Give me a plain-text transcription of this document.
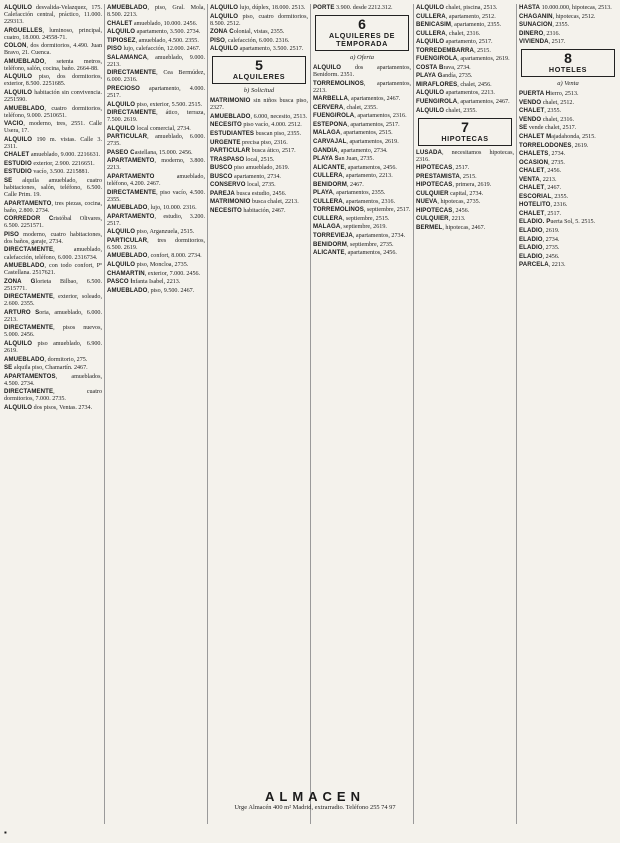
ALQUILO desvalida-Velazquez, 175. Calefacción central, práctico, 11.000. 229313.

ARGUELLES, luminoso, principal, cuatro, 18.000. 24558-71.

COLON, dos dormitorios, 4.490. Juan Bravo, 21. Cuenca.

AMUEBLADO, setenta metros, teléfono, salón, cocina, baño. 2664-88.

ALQUILO piso, dos dormitorios, exterior, 8.500. 2251685.

ALQUILO habitación sin convivencia. 2251590.

AMUEBLADO, cuatro dormitorios, teléfono, 9.000. 2510651.

VACIO, moderno, tres, 2551. Calle Usera, 17.

ALQUILO 190 m. vistas. Calle 3. 2311.

CHALET amueblado, 9.000. 2216631.

ESTUDIO exterior, 2.900. 2216651.

ESTUDIO vacío, 3.500. 2215881.

SE alquila amueblado, cuatro habitaciones, salón, teléfono, 6.500. Calle Prim. 19.

APARTAMENTO, tres piezas, cocina, baño, 2.800. 2734.

CORREDOR Cristóbal Olivares, 6.500. 2251571.

PISO moderno, cuatro habitaciones, dos baños, garaje, 2734.

DIRECTAMENTE, amueblado, calefacción, teléfono, 6.000. 2316734.

AMUEBLADO, con todo confort, Pº Castellana. 2517621.

ZONA Glorieta Bilbao, 6.500. 2515771.

DIRECTAMENTE, exterior, soleado, 2.600. 2355.

ARTURO Soria, amueblado, 6.000. 2213.

DIRECTAMENTE, pisos nuevos, 5.000. 2456.

ALQUILO piso amueblado, 6.900. 2619.

AMUEBLADO, dormitorio, 275.

SE alquila piso, Chamartín. 2467.

APARTAMENTOS, amueblados, 4.500. 2734.

DIRECTAMENTE, cuatro dormitorios, 7.000. 2735.

ALQUILO dos pisos, Ventas. 2734.

AMUEBLADO, piso, Gral. Mola, 8.500. 2213.

CHALET amueblado, 10.000. 2456.

ALQUILO apartamento, 3.500. 2734.

TIPIOSEZ, amueblado, 4.500. 2355.

PISO lujo, calefacción, 12.000. 2467.

SALAMANCA, amueblado, 9.000. 2213.

DIRECTAMENTE, Cea Bermúdez, 6.000. 2316.

PRECIOSO apartamento, 4.000. 2517.

ALQUILO piso, exterior, 5.500. 2515.

DIRECTAMENTE, ático, terraza, 7.500. 2619.

ALQUILO local comercial, 2734.

PARTICULAR, amueblado, 6.000. 2735.

PASEO Castellana, 15.000. 2456.

APARTAMENTO, moderno, 3.800. 2213.

APARTAMENTO amueblado, teléfono, 4.200. 2467.

DIRECTAMENTE, piso vacío, 4.500. 2355.

AMUEBLADO, lujo, 10.000. 2316.

APARTAMENTO, estudio, 3.200. 2517.

ALQUILO piso, Arganzuela, 2515.

PARTICULAR, tres dormitorios, 6.500. 2619.

AMUEBLADO, confort, 8.000. 2734.

ALQUILO piso, Moncloa, 2735.

CHAMARTIN, exterior, 7.000. 2456.

PASCO Infanta Isabel, 2213.

AMUEBLADO, piso, 9.500. 2467.

ALQUILO lujo, dúplex, 18.000. 2513.

ALQUILO piso, cuatro dormitorios, 8.500. 2512.

ZONA Colonial, vistas, 2355.

PISO, calefacción, 6.000. 2316.

ALQUILO apartamento, 3.500. 2517.

5
ALQUILERES
b) Solicitud

MATRIMONIO sin niños busca piso, 2327.

AMUEBLADO, 6.000, necesito, 2513.

NECESITO piso vacío, 4.000. 2512.

ESTUDIANTES buscan piso, 2355.

URGENTE precisa piso, 2316.

PARTICULAR busca ático, 2517.

TRASPASO local, 2515.

BUSCO piso amueblado, 2619.

BUSCO apartamento, 2734.

CONSERVO local, 2735.

PAREJA busca estudio, 2456.

MATRIMONIO busca chalet, 2213.

NECESITO habitación, 2467.

PORTE 3.900. desde 2212.312.

6
ALQUILERES DE TEMPORADA
a) Oferta

ALQUILO dos apartamentos, Benidorm. 2351.

TORREMOLINOS, apartamentos, 2213.

MARBELLA, apartamentos, 2467.

CERVERA, chalet, 2355.

FUENGIROLA, apartamentos, 2316.

ESTEPONA, apartamentos, 2517.

MALAGA, apartamentos, 2515.

CARVAJAL, apartamentos, 2619.

GANDIA, apartamento, 2734.

PLAYA San Juan, 2735.

ALICANTE, apartamentos, 2456.

CULLERA, apartamento, 2213.

BENIDORM, 2467.

PLAYA, apartamentos, 2355.

CULLERA, apartamentos, 2316.

TORREMOLINOS, septiembre, 2517.

CULLERA, septiembre, 2515.

MALAGA, septiembre, 2619.

TORREVIEJA, apartamentos, 2734.

BENIDORM, septiembre, 2735.

ALICANTE, apartamentos, 2456.

ALQUILO chalet, piscina, 2513.

CULLERA, apartamento, 2512.

BENICASIM, apartamento, 2355.

CULLERA, chalet, 2316.

ALQUILO apartamento, 2517.

TORREDEMBARRA, 2515.

FUENGIROLA, apartamentos, 2619.

COSTA Brava, 2734.

PLAYA Gandía, 2735.

MIRAFLORES, chalet, 2456.

ALQUILO apartamentos, 2213.

FUENGIROLA, apartamentos, 2467.

ALQUILO chalet, 2355.

7
HIPOTECAS

LUSADA, necesitamos hipotecas, 2316.

HIPOTECAS, 2517.

PRESTAMISTA, 2515.

HIPOTECAS, primera, 2619.

CULQUIER capital, 2734.

NUEVA, hipotecas, 2735.

HIPOTECAS, 2456.

CULQUIER, 2213.

BERMEL, hipotecas, 2467.

HASTA 10.000.000, hipotecas, 2513.

CHAGANIN, hipotecas, 2512.

SUNACION, 2355.

DINERO, 2316.

VIVIENDA, 2517.

8
HOTELES
a) Venta

PUERTA Hierro, 2513.

VENDO chalet, 2512.

CHALET, 2355.

VENDO chalet, 2316.

SE vende chalet, 2517.

CHALET Majadahonda, 2515.

TORRELODONES, 2619.

CHALETS, 2734.

OCASION, 2735.

CHALET, 2456.

VENTA, 2213.

CHALET, 2467.

ESCORIAL, 2355.

HOTELITO, 2316.

CHALET, 2517.

ELADIO. Puerta Sol, 5. 2515.

ELADIO, 2619.

ELADIO, 2734.

ELADIO, 2735.

ELADIO, 2456.

PARCELA, 2213.

ALMACEN
Urge Almacén 400 m² Madrid, extrarradio. Teléfono 255 74 97
▪
